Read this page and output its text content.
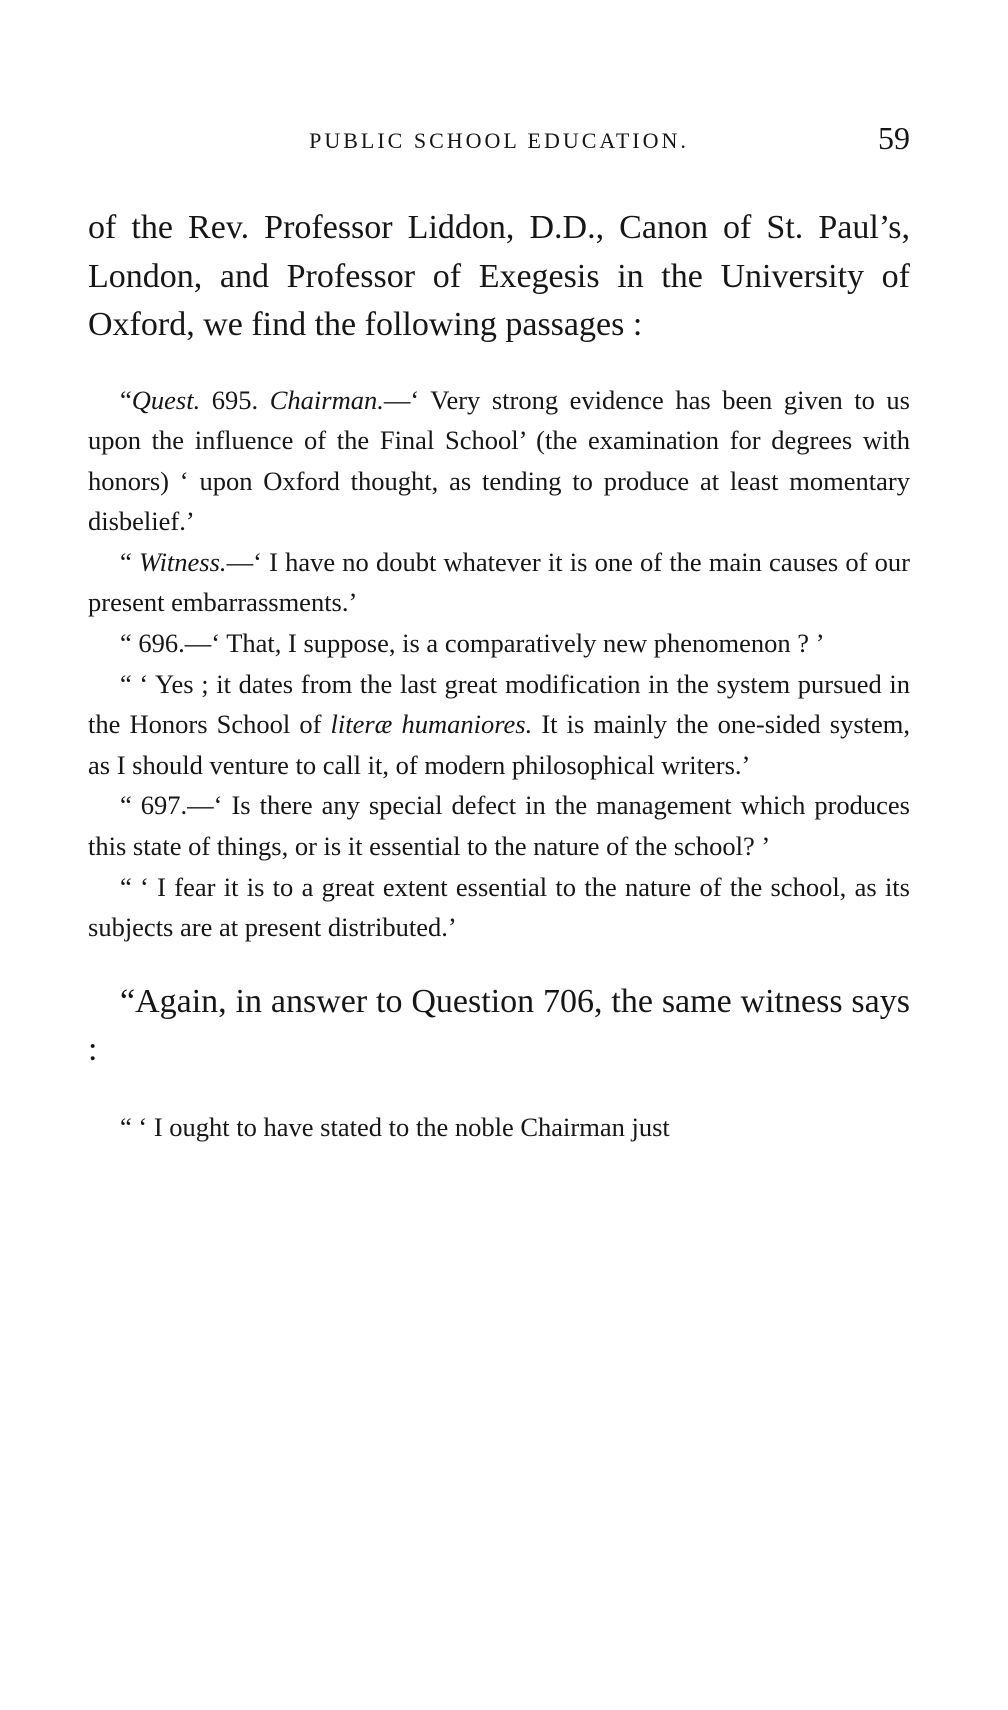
PUBLIC SCHOOL EDUCATION.	59

of the Rev. Professor Liddon, D.D., Canon of St. Paul’s, London, and Professor of Exegesis in the University of Oxford, we find the following passages :

“Quest. 695. Chairman.—‘ Very strong evidence has been given to us upon the influence of the Final School’ (the examination for degrees with honors) ‘ upon Oxford thought, as tending to produce at least momentary disbelief.’

“ Witness.—‘ I have no doubt whatever it is one of the main causes of our present embarrassments.’

“ 696.—‘ That, I suppose, is a comparatively new phenomenon ? ’

“ ‘ Yes ; it dates from the last great modification in the system pursued in the Honors School of literæ humaniores. It is mainly the one-sided system, as I should venture to call it, of modern philosophical writers.’

“ 697.—‘ Is there any special defect in the management which produces this state of things, or is it essential to the nature of the school? ’

“ ‘ I fear it is to a great extent essential to the nature of the school, as its subjects are at present distributed.’

“Again, in answer to Question 706, the same witness says :

“ ‘ I ought to have stated to the noble Chairman just
